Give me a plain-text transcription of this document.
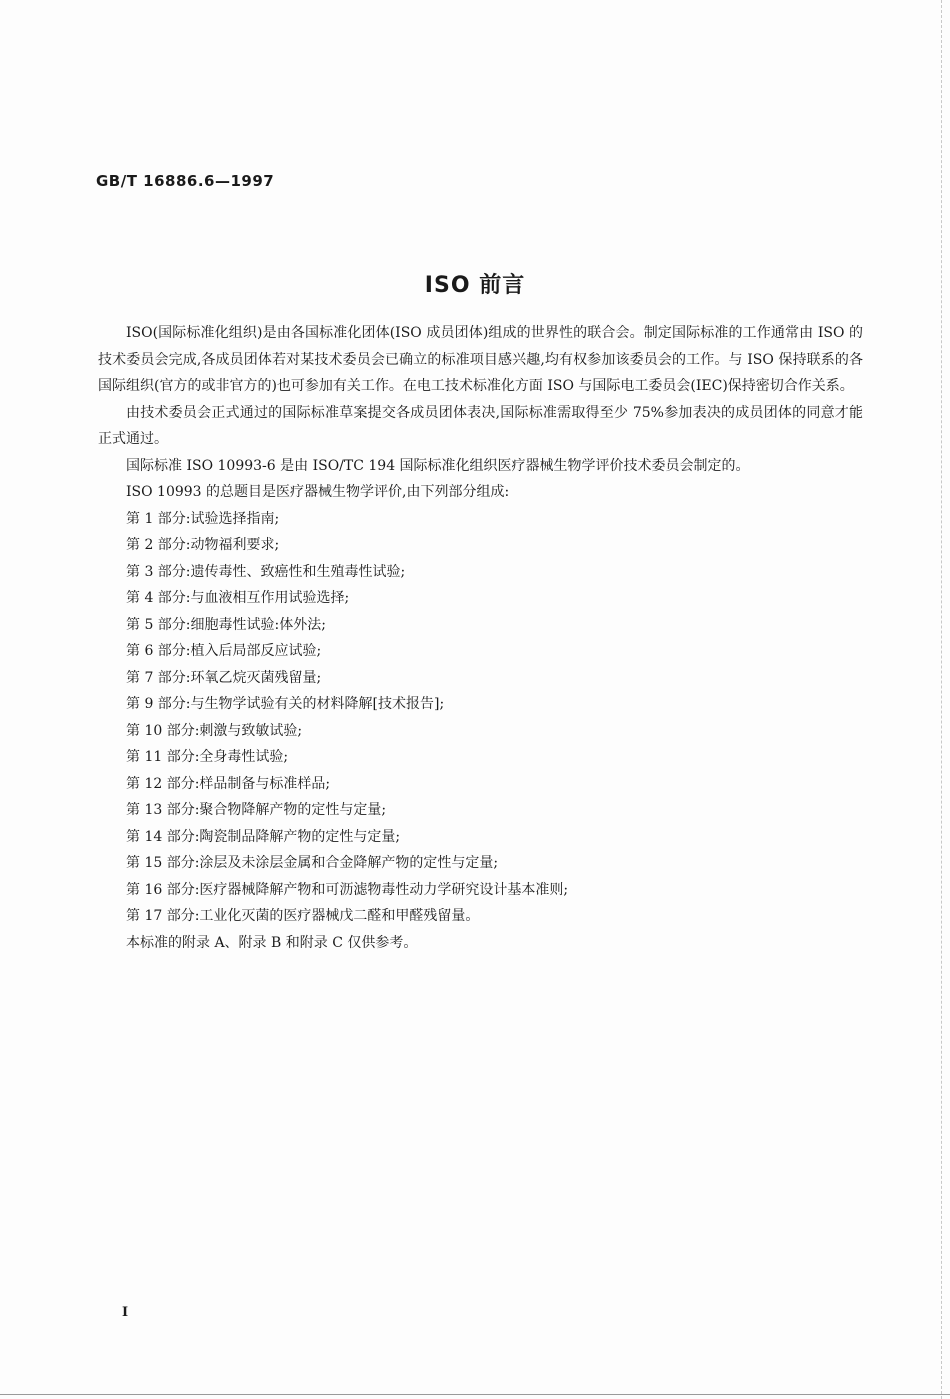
GB/T 16886.6—1997
ISO 前言

ISO(国际标准化组织)是由各国标准化团体(ISO 成员团体)组成的世界性的联合会。制定国际标准的工作通常由 ISO 的技术委员会完成,各成员团体若对某技术委员会已确立的标准项目感兴趣,均有权参加该委员会的工作。与 ISO 保持联系的各国际组织(官方的或非官方的)也可参加有关工作。在电工技术标准化方面 ISO 与国际电工委员会(IEC)保持密切合作关系。

由技术委员会正式通过的国际标准草案提交各成员团体表决,国际标准需取得至少 75%参加表决的成员团体的同意才能正式通过。

国际标准 ISO 10993-6 是由 ISO/TC 194 国际标准化组织医疗器械生物学评价技术委员会制定的。

ISO 10993 的总题目是医疗器械生物学评价,由下列部分组成:

第 1 部分:试验选择指南;

第 2 部分:动物福利要求;

第 3 部分:遗传毒性、致癌性和生殖毒性试验;

第 4 部分:与血液相互作用试验选择;

第 5 部分:细胞毒性试验:体外法;

第 6 部分:植入后局部反应试验;

第 7 部分:环氧乙烷灭菌残留量;

第 9 部分:与生物学试验有关的材料降解[技术报告];

第 10 部分:刺激与致敏试验;

第 11 部分:全身毒性试验;

第 12 部分:样品制备与标准样品;

第 13 部分:聚合物降解产物的定性与定量;

第 14 部分:陶瓷制品降解产物的定性与定量;

第 15 部分:涂层及未涂层金属和合金降解产物的定性与定量;

第 16 部分:医疗器械降解产物和可沥滤物毒性动力学研究设计基本准则;

第 17 部分:工业化灭菌的医疗器械戊二醛和甲醛残留量。

本标准的附录 A、附录 B 和附录 C 仅供参考。

I
